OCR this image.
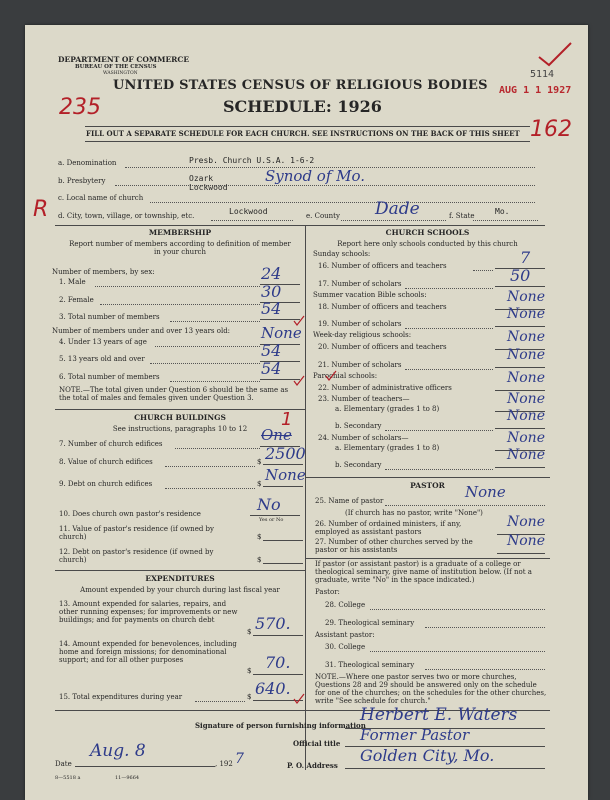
DEPARTMENT OF COMMERCE
BUREAU OF THE CENSUS
WASHINGTON
UNITED STATES CENSUS OF RELIGIOUS BODIES
SCHEDULE: 1926
5114
AUG 1 1 1927
235
162
FILL OUT A SEPARATE SCHEDULE FOR EACH CHURCH. SEE INSTRUCTIONS ON THE BACK OF THIS SHEET
a. Denomination	Presb. Church U.S.A. 1-6-2
b. Presbytery	Ozark	Synod of Mo.
c. Local name of church
Lockwood
R d. City, town, village, or township, etc.	Lockwood	e. County Dade	f. State	Mo.
MEMBERSHIP
Report number of members according to definition of member in your church
Number of members, by sex:
1. Male	24
2. Female	30
3. Total number of members	54
Number of members under and over 13 years old:
4. Under 13 years of age	None
5. 13 years old and over	54
6. Total number of members	54
NOTE.—The total given under Question 6 should be the same as the total of males and females given under Question 3.
CHURCH BUILDINGS
See instructions, paragraphs 10 to 12	1
7. Number of church edifices	One
8. Value of church edifices	$ 2500
9. Debt on church edifices	$ None
10. Does church own pastor's residence	No
Yes or No
11. Value of pastor's residence (if owned by church)	$
12. Debt on pastor's residence (if owned by church)	$
EXPENDITURES
Amount expended by your church during last fiscal year
13. Amount expended for salaries, repairs, and other running expenses; for improvements or new buildings; and for payments on church debt
$ 570.
14. Amount expended for benevolences, including home and foreign missions; for denominational support; and for all other purposes
$ 70.
15. Total expenditures during year	$ 640.
CHURCH SCHOOLS
Report here only schools conducted by this church
Sunday schools:
16. Number of officers and teachers	7
17. Number of scholars	50
Summer vacation Bible schools:
18. Number of officers and teachers
None
19. Number of scholars
None
Week-day religious schools:
20. Number of officers and teachers
None
21. Number of scholars
None
Parochial schools:
22. Number of administrative officers
None
23. Number of teachers—
a. Elementary (grades 1 to 8)
None
b. Secondary
None
24. Number of scholars—
a. Elementary (grades 1 to 8)
None
b. Secondary
None
PASTOR
25. Name of pastor	None
(If church has no pastor, write "None")
26. Number of ordained ministers, if any, employed as assistant pastors
None
27. Number of other churches served by the pastor or his assistants
None
If pastor (or assistant pastor) is a graduate of a college or theological seminary, give name of institution below. (If not a graduate, write "No" in the space indicated.)
Pastor:
28. College
29. Theological seminary
Assistant pastor:
30. College
31. Theological seminary
NOTE.—Where one pastor serves two or more churches, Questions 28 and 29 should be answered only on the schedule for one of the churches; on the schedules for the other churches, write "See schedule for church."
Signature of person furnishing information
Herbert E. Waters
Official title Former Pastor
Date
Aug. 8
, 192 7	P. O. Address
Golden City, Mo.
8—5518 a	11—9664
